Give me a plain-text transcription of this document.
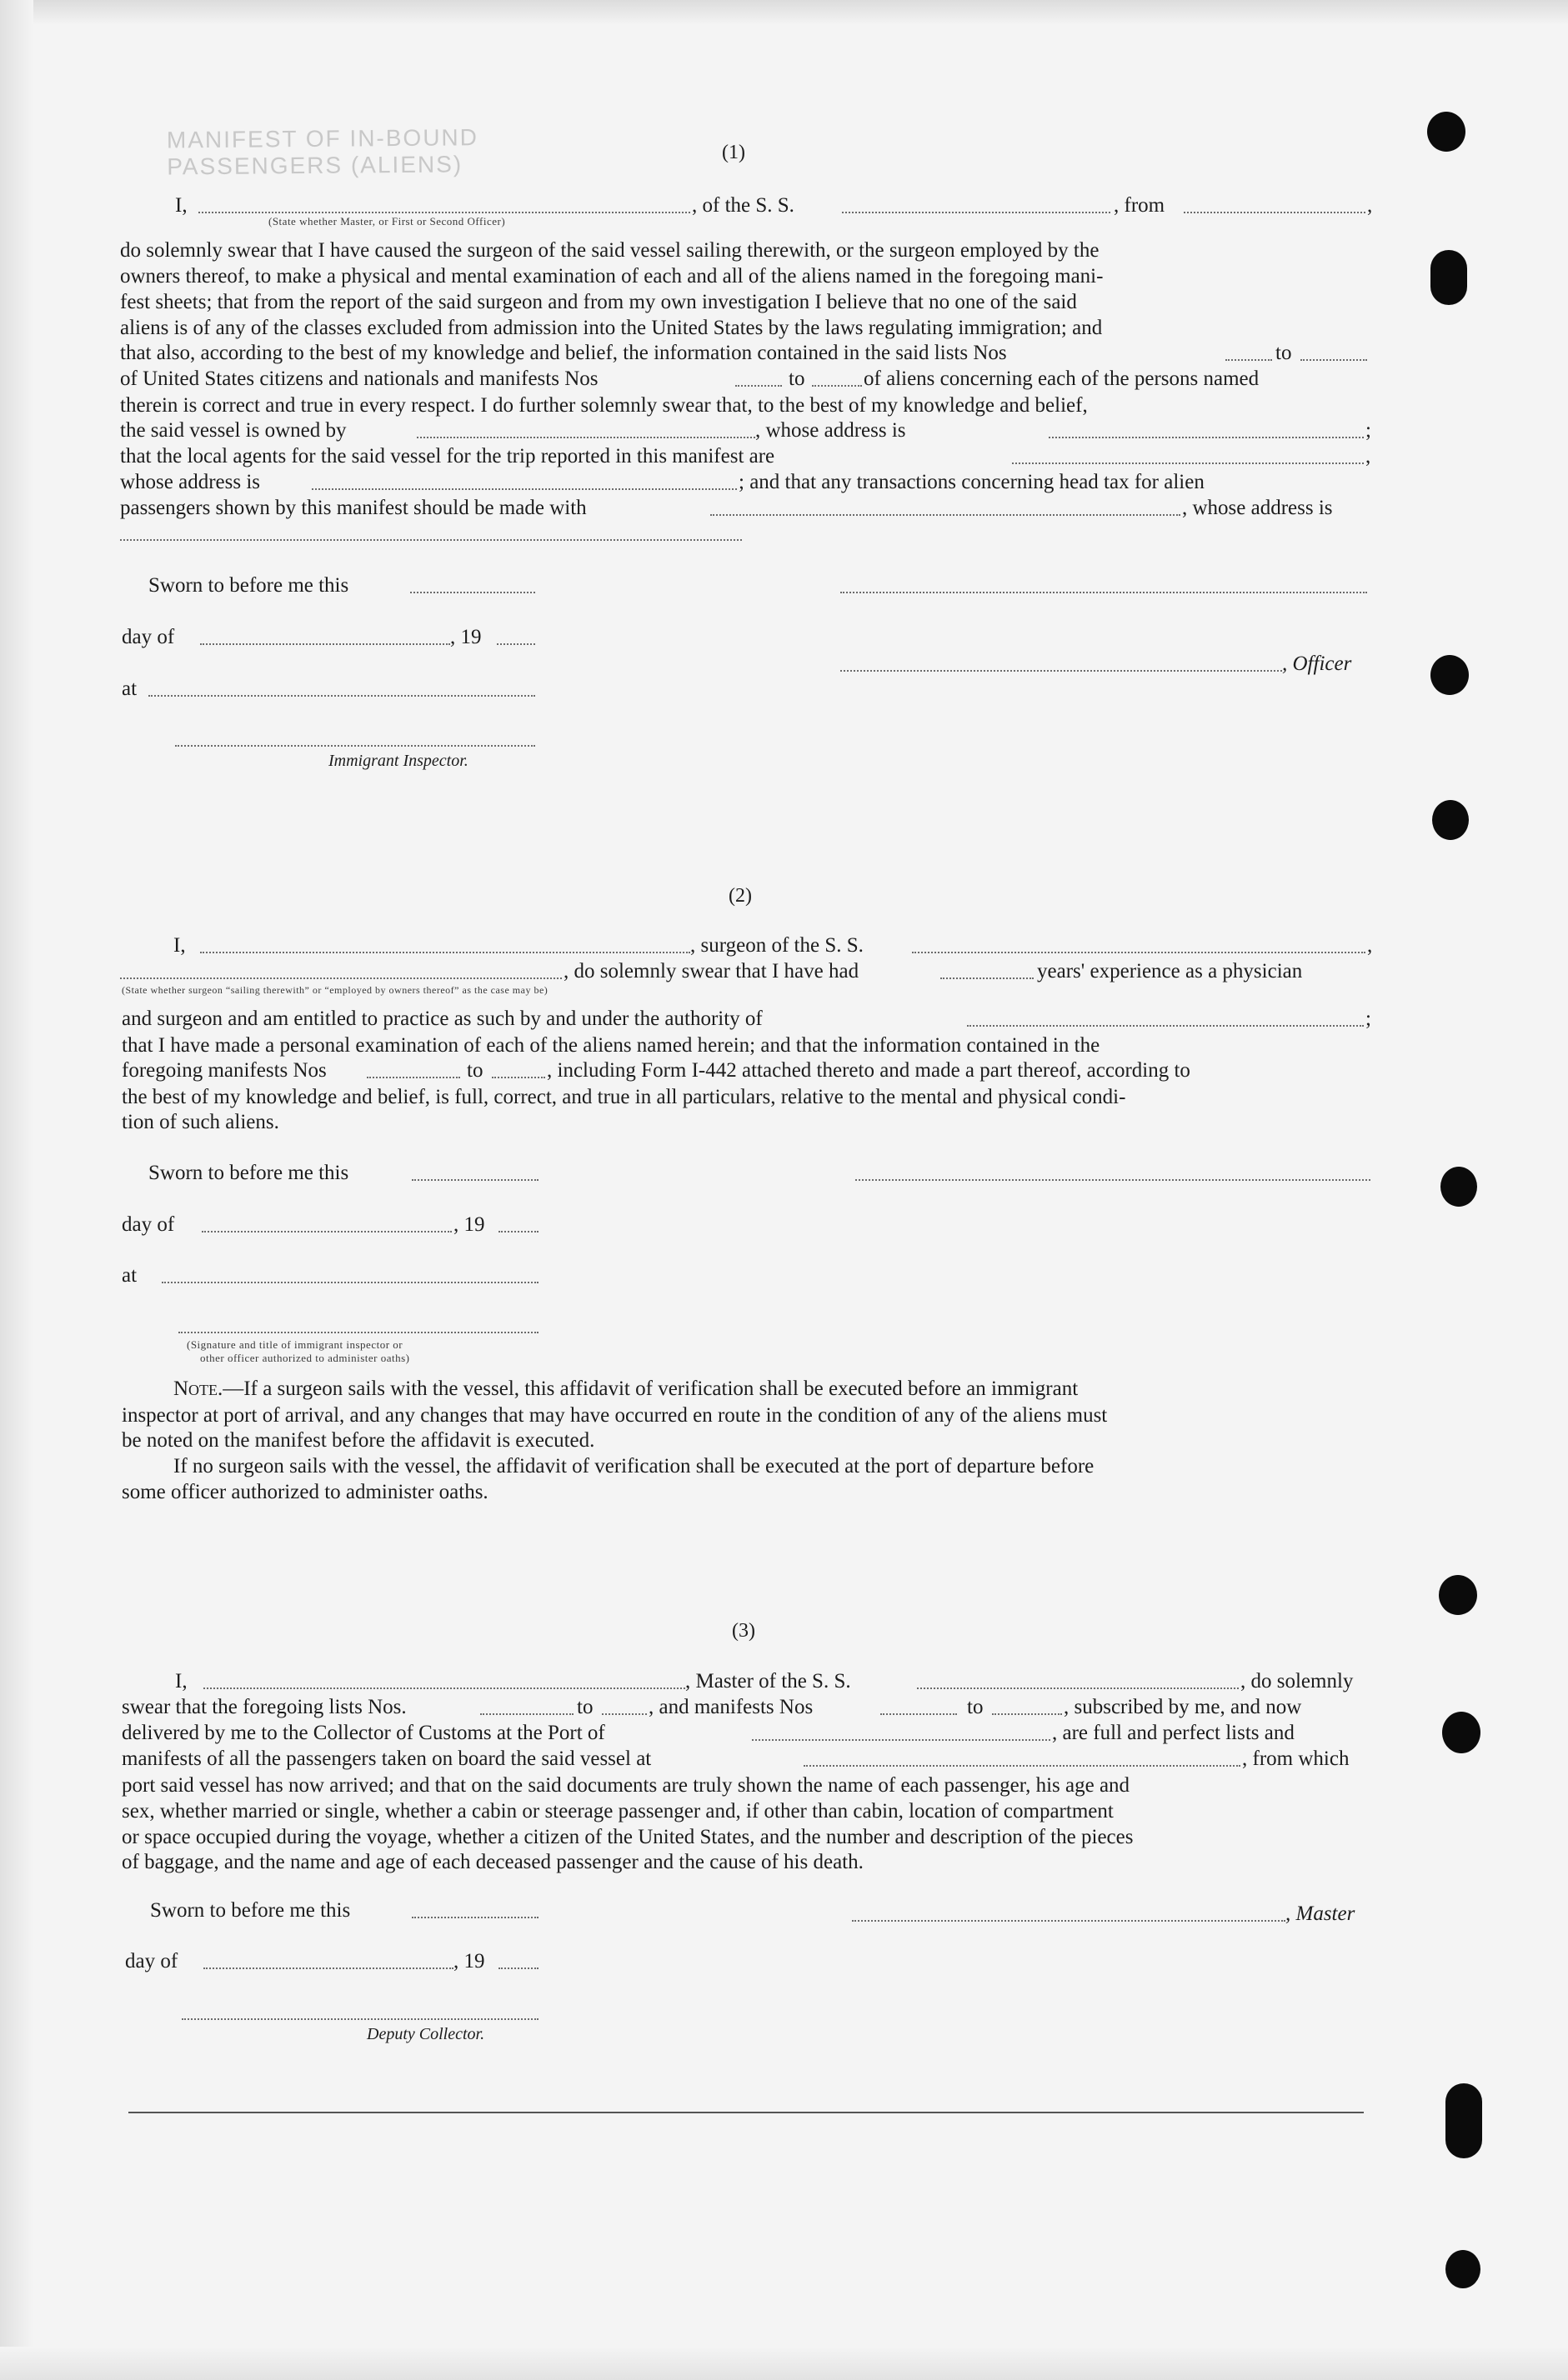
MANIFEST OF IN-BOUND PASSENGERS (ALIENS)	(1)
I,	, of the S. S.	, from	,
(State whether Master, or First or Second Officer)
do solemnly swear that I have caused the surgeon of the said vessel sailing therewith, or the surgeon employed by the
owners thereof, to make a physical and mental examination of each and all of the aliens named in the foregoing mani-
fest sheets; that from the report of the said surgeon and from my own investigation I believe that no one of the said
aliens is of any of the classes excluded from admission into the United States by the laws regulating immigration; and
that also, according to the best of my knowledge and belief, the information contained in the said lists Nos	to
of United States citizens and nationals and manifests Nos	to	of aliens concerning each of the persons named
therein is correct and true in every respect. I do further solemnly swear that, to the best of my knowledge and belief,
the said vessel is owned by	, whose address is	;
that the local agents for the said vessel for the trip reported in this manifest are	,
whose address is	; and that any transactions concerning head tax for alien
passengers shown by this manifest should be made with	, whose address is
Sworn to before me this
day of	, 19
, Officer
at
Immigrant Inspector.
(2)
I,	, surgeon of the S. S.	,
, do solemnly swear that I have had	years' experience as a physician
(State whether surgeon “sailing therewith” or “employed by owners thereof” as the case may be)
and surgeon and am entitled to practice as such by and under the authority of	;
that I have made a personal examination of each of the aliens named herein; and that the information contained in the
foregoing manifests Nos	to	, including Form I-442 attached thereto and made a part thereof, according to
the best of my knowledge and belief, is full, correct, and true in all particulars, relative to the mental and physical condi-
tion of such aliens.
Sworn to before me this
day of	, 19
at
(Signature and title of immigrant inspector or
other officer authorized to administer oaths)
Note.—If a surgeon sails with the vessel, this affidavit of verification shall be executed before an immigrant
inspector at port of arrival, and any changes that may have occurred en route in the condition of any of the aliens must
be noted on the manifest before the affidavit is executed.
If no surgeon sails with the vessel, the affidavit of verification shall be executed at the port of departure before
some officer authorized to administer oaths.
(3)
I,	, Master of the S. S.	, do solemnly
swear that the foregoing lists Nos.	to	, and manifests Nos	to	, subscribed by me, and now
delivered by me to the Collector of Customs at the Port of	, are full and perfect lists and
manifests of all the passengers taken on board the said vessel at	, from which
port said vessel has now arrived; and that on the said documents are truly shown the name of each passenger, his age and
sex, whether married or single, whether a cabin or steerage passenger and, if other than cabin, location of compartment
or space occupied during the voyage, whether a citizen of the United States, and the number and description of the pieces
of baggage, and the name and age of each deceased passenger and the cause of his death.
Sworn to before me this	, Master
day of	, 19
Deputy Collector.
